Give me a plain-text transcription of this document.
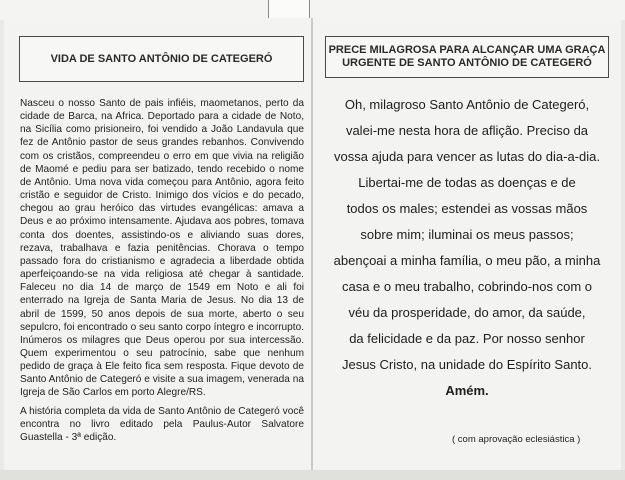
VIDA DE SANTO ANTÔNIO DE CATEGERÓ

Nasceu o nosso Santo de pais infiéis, maometanos, perto da cidade de Barca, na Africa. Deportado para a cidade de Noto, na Sicília como prisioneiro, foi vendido a João Landavula que fez de Antônio pastor de seus grandes rebanhos. Convivendo com os cristãos, compreendeu o erro em que vivia na religião de Maomé e pediu para ser batizado, tendo recebido o nome de Antônio. Uma nova vida começou para Antônio, agora feito cristão e seguidor de Cristo. Inimigo dos vícios e do pecado, chegou ao grau heróico das virtudes evangélicas: amava a Deus e ao próximo intensamente. Ajudava aos pobres, tomava conta dos doentes, assistindo-os e aliviando suas dores, rezava, trabalhava e fazia penitências. Chorava o tempo passado fora do cristianismo e agradecia a liberdade obtida aperfeiçoando-se na vida religiosa até chegar à santidade. Faleceu no dia 14 de março de 1549 em Noto e ali foi enterrado na Igreja de Santa Maria de Jesus. No dia 13 de abril de 1599, 50 anos depois de sua morte, aberto o seu sepulcro, foi encontrado o seu santo corpo íntegro e incorrupto. Inúmeros os milagres que Deus operou por sua intercessão. Quem experimentou o seu patrocínio, sabe que nenhum pedido de graça à Ele feito fica sem resposta. Fique devoto de Santo Antônio de Categeró e visite a sua imagem, venerada na Igreja de São Carlos em porto Alegre/RS.

A história completa da vida de Santo Antônio de Categeró você encontra no livro editado pela Paulus-Autor Salvatore Guastella - 3ª edição.

PRECE MILAGROSA PARA ALCANÇAR UMA GRAÇA
URGENTE DE SANTO ANTÔNIO DE CATEGERÓ
Oh, milagroso Santo Antônio de Categeró,
valei-me nesta hora de aflição. Preciso da
vossa ajuda para vencer as lutas do dia-a-dia.
Libertai-me de todas as doenças e de
todos os males; estendei as vossas mãos
sobre mim; iluminai os meus passos;
abençoai a minha família, o meu pão, a minha
casa e o meu trabalho, cobrindo-nos com o
véu da prosperidade, do amor, da saúde,
da felicidade e da paz. Por nosso senhor
Jesus Cristo, na unidade do Espírito Santo.
Amém.
( com aprovação eclesiástica )
